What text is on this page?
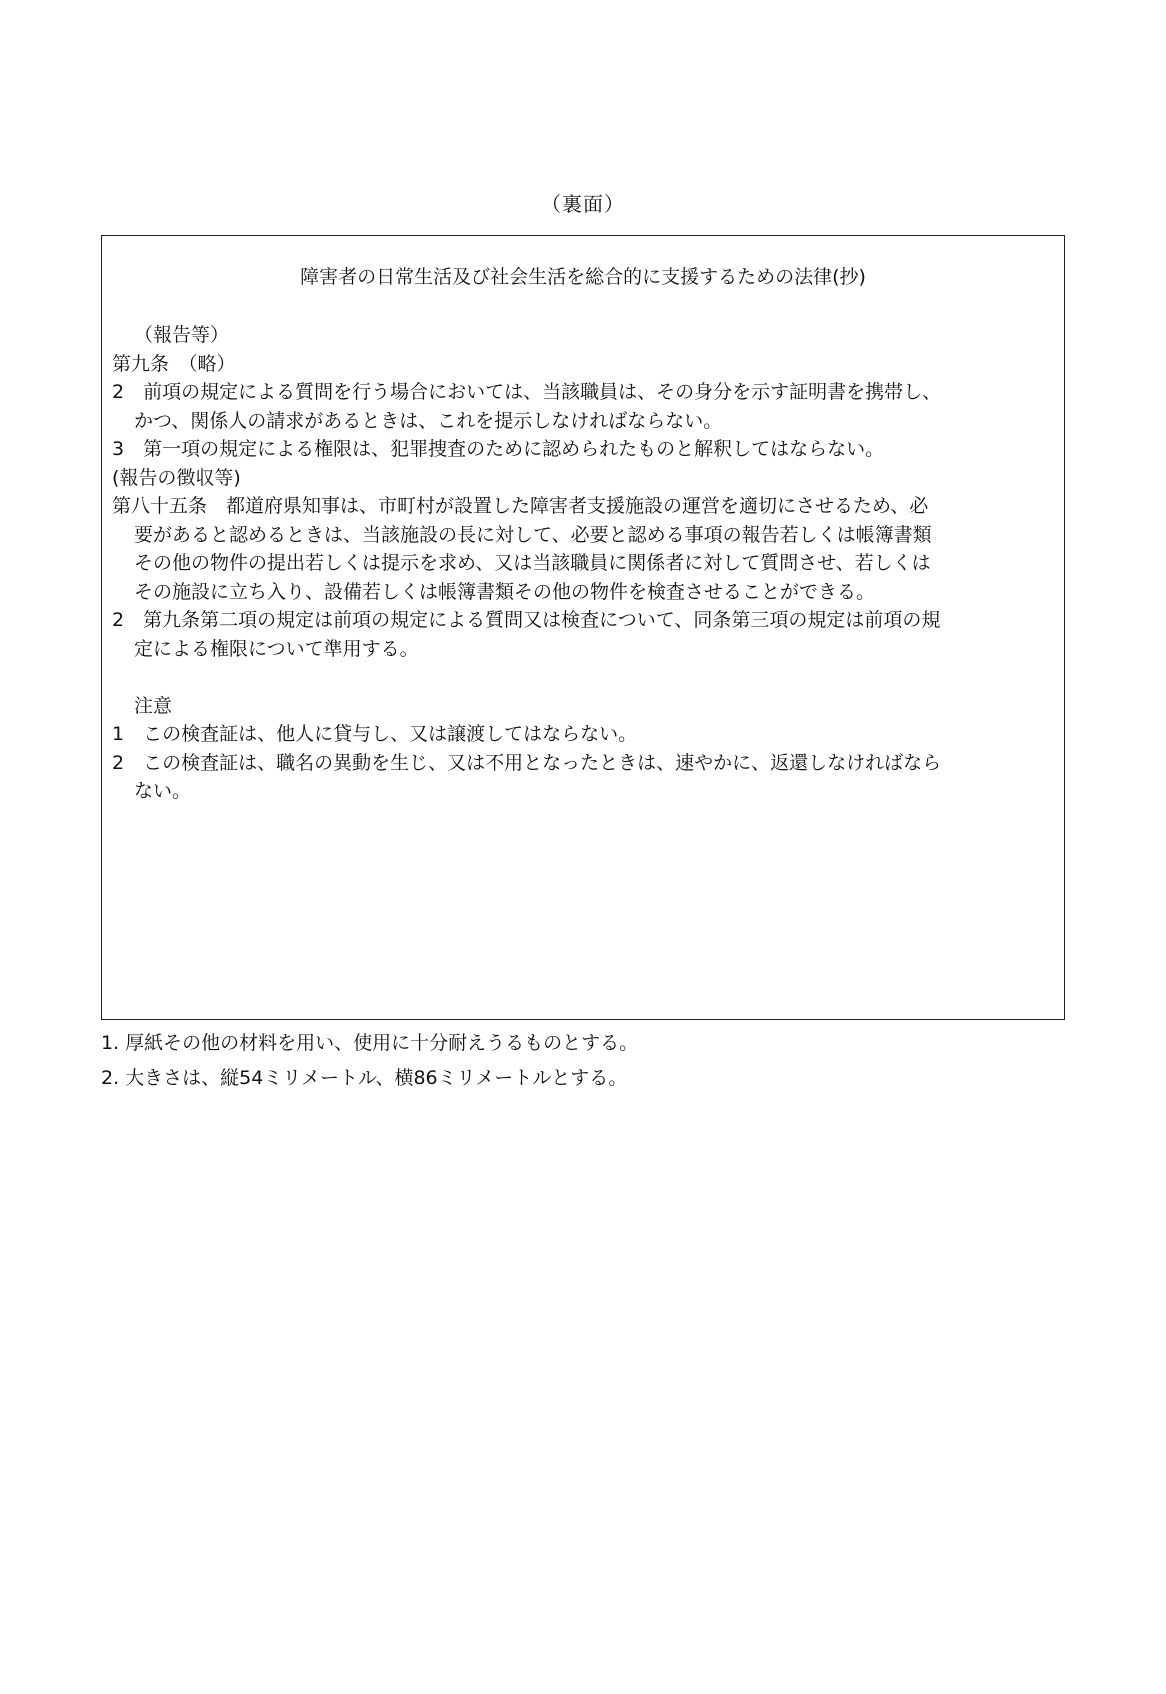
（裏面）
障害者の日常生活及び社会生活を総合的に支援するための法律(抄)
（報告等）
第九条　（略）
2　前項の規定による質問を行う場合においては、当該職員は、その身分を示す証明書を携帯し、
かつ、関係人の請求があるときは、これを提示しなければならない。
3　第一項の規定による権限は、犯罪捜査のために認められたものと解釈してはならない。
(報告の徴収等)
第八十五条　都道府県知事は、市町村が設置した障害者支援施設の運営を適切にさせるため、必
要があると認めるときは、当該施設の長に対して、必要と認める事項の報告若しくは帳簿書類
その他の物件の提出若しくは提示を求め、又は当該職員に関係者に対して質問させ、若しくは
その施設に立ち入り、設備若しくは帳簿書類その他の物件を検査させることができる。
2　第九条第二項の規定は前項の規定による質問又は検査について、同条第三項の規定は前項の規
定による権限について準用する。
注意
1　この検査証は、他人に貸与し、又は譲渡してはならない。
2　この検査証は、職名の異動を生じ、又は不用となったときは、速やかに、返還しなければなら
ない。
1. 厚紙その他の材料を用い、使用に十分耐えうるものとする。
2. 大きさは、縦54ミリメートル、横86ミリメートルとする。
